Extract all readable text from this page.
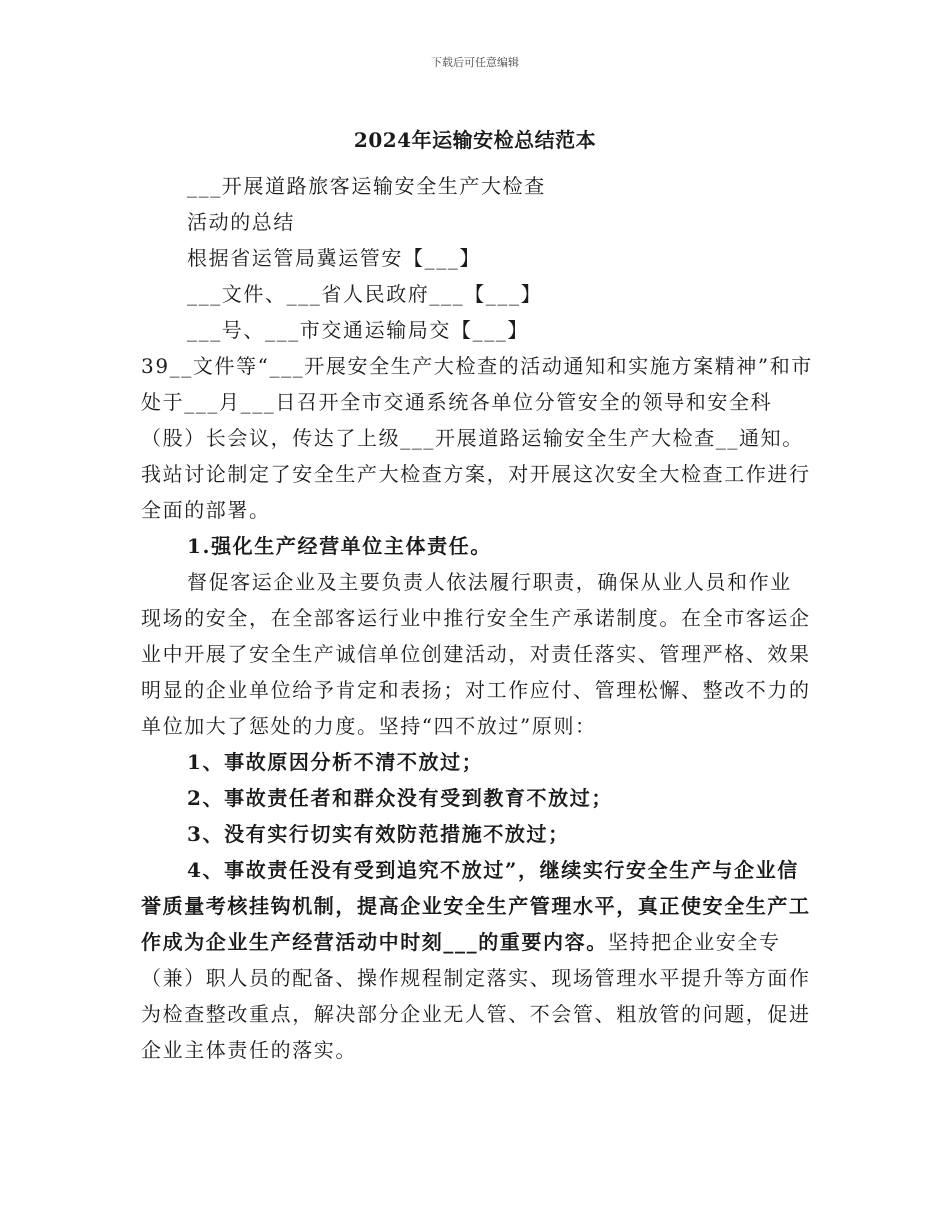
下载后可任意编辑
2024年运输安检总结范本

___开展道路旅客运输安全生产大检查

活动的总结

根据省运管局冀运管安【___】

___文件、___省人民政府___【___】

___号、___市交通运输局交【___】

39__文件等“___开展安全生产大检查的活动通知和实施方案精神”和市处于___月___日召开全市交通系统各单位分管安全的领导和安全科（股）长会议，传达了上级___开展道路运输安全生产大检查__通知。我站讨论制定了安全生产大检查方案，对开展这次安全大检查工作进行全面的部署。

1.强化生产经营单位主体责任。

督促客运企业及主要负责人依法履行职责，确保从业人员和作业现场的安全，在全部客运行业中推行安全生产承诺制度。在全市客运企业中开展了安全生产诚信单位创建活动，对责任落实、管理严格、效果明显的企业单位给予肯定和表扬；对工作应付、管理松懈、整改不力的单位加大了惩处的力度。坚持“四不放过”原则：

1、事故原因分析不清不放过；

2、事故责任者和群众没有受到教育不放过；

3、没有实行切实有效防范措施不放过；

4、事故责任没有受到追究不放过”，继续实行安全生产与企业信誉质量考核挂钩机制，提高企业安全生产管理水平，真正使安全生产工作成为企业生产经营活动中时刻___的重要内容。坚持把企业安全专（兼）职人员的配备、操作规程制定落实、现场管理水平提升等方面作为检查整改重点，解决部分企业无人管、不会管、粗放管的问题，促进企业主体责任的落实。
